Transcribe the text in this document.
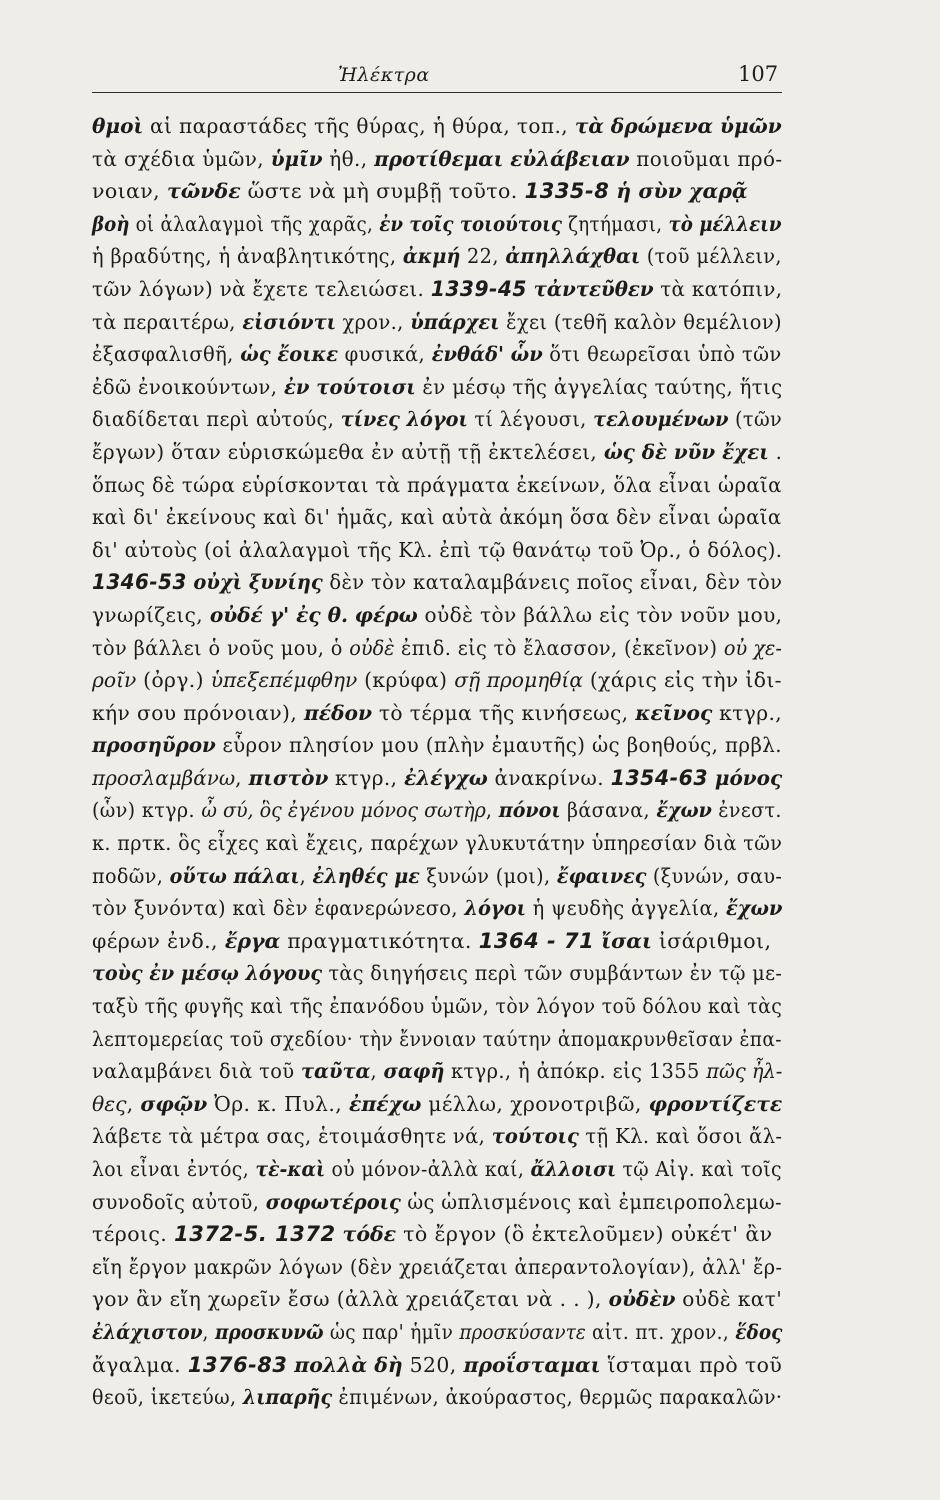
Ἠλέκτρα	107
θμοὶ αἱ παραστάδες τῆς θύρας, ἡ θύρα, τοπ., τὰ δρώμενα ὑμῶν
τὰ σχέδια ὑμῶν, ὑμῖν ἠθ., προτίθεμαι εὐλάβειαν ποιοῦμαι πρό-
νοιαν, τῶνδε ὥστε νὰ μὴ συμβῇ τοῦτο. 1335-8 ἡ σὺν χαρᾷ
βοὴ οἱ ἀλαλαγμοὶ τῆς χαρᾶς, ἐν τοῖς τοιούτοις ζητήμασι, τὸ μέλλειν
ἡ βραδύτης, ἡ ἀναβλητικότης, ἀκμή 22, ἀπηλλάχθαι (τοῦ μέλλειν,
τῶν λόγων) νὰ ἔχετε τελειώσει. 1339-45 τἀντεῦθεν τὰ κατόπιν,
τὰ περαιτέρω, εἰσιόντι χρον., ὑπάρχει ἔχει (τεθῆ καλὸν θεμέλιον)
ἐξασφαλισθῆ, ὡς ἔοικε φυσικά, ἐνθάδ' ὧν ὅτι θεωρεῖσαι ὑπὸ τῶν
ἐδῶ ἐνοικούντων, ἐν τούτοισι ἐν μέσῳ τῆς ἀγγελίας ταύτης, ἥτις
διαδίδεται περὶ αὐτούς, τίνες λόγοι τί λέγουσι, τελουμένων (τῶν
ἔργων) ὅταν εὑρισκώμεθα ἐν αὐτῇ τῇ ἐκτελέσει, ὡς δὲ νῦν ἔχει .
ὅπως δὲ τώρα εὑρίσκονται τὰ πράγματα ἐκείνων, ὅλα εἶναι ὡραῖα
καὶ δι' ἐκείνους καὶ δι' ἡμᾶς, καὶ αὐτὰ ἀκόμη ὅσα δὲν εἶναι ὡραῖα
δι' αὐτοὺς (οἱ ἀλαλαγμοὶ τῆς Κλ. ἐπὶ τῷ θανάτῳ τοῦ Ὀρ., ὁ δόλος).
1346-53 οὐχὶ ξυνίης δὲν τὸν καταλαμβάνεις ποῖος εἶναι, δὲν τὸν
γνωρίζεις, οὐδέ γ' ἐς θ. φέρω οὐδὲ τὸν βάλλω εἰς τὸν νοῦν μου,
τὸν βάλλει ὁ νοῦς μου, ὁ οὐδὲ ἐπιδ. εἰς τὸ ἔλασσον, (ἐκεῖνον) οὐ χε-
ροῖν (ὀργ.) ὑπεξεπέμφθην (κρύφα) σῇ προμηθίᾳ (χάρις εἰς τὴν ἰδι-
κήν σου πρόνοιαν), πέδον τὸ τέρμα τῆς κινήσεως, κεῖνος κτγρ.,
προσηῦρον εὗρον πλησίον μου (πλὴν ἐμαυτῆς) ὡς βοηθούς, πρβλ.
προσλαμβάνω, πιστὸν κτγρ., ἐλέγχω ἀνακρίνω. 1354-63 μόνος
(ὧν) κτγρ. ὦ σύ, ὃς ἐγένου μόνος σωτὴρ, πόνοι βάσανα, ἔχων ἐνεστ.
κ. πρτκ. ὃς εἶχες καὶ ἔχεις, παρέχων γλυκυτάτην ὑπηρεσίαν διὰ τῶν
ποδῶν, οὕτω πάλαι, ἐληθές με ξυνών (μοι), ἔφαινες (ξυνών, σαυ-
τὸν ξυνόντα) καὶ δὲν ἐφανερώνεσο, λόγοι ἡ ψευδὴς ἀγγελία, ἔχων
φέρων ἐνδ., ἔργα πραγματικότητα. 1364 - 71 ἴσαι ἰσάριθμοι,
τοὺς ἐν μέσῳ λόγους τὰς διηγήσεις περὶ τῶν συμβάντων ἐν τῷ με-
ταξὺ τῆς φυγῆς καὶ τῆς ἐπανόδου ὑμῶν, τὸν λόγον τοῦ δόλου καὶ τὰς
λεπτομερείας τοῦ σχεδίου· τὴν ἔννοιαν ταύτην ἀπομακρυνθεῖσαν ἐπα-
ναλαμβάνει διὰ τοῦ ταῦτα, σαφῆ κτγρ., ἡ ἀπόκρ. εἰς 1355 πῶς ἦλ-
θες, σφῷν Ὀρ. κ. Πυλ., ἐπέχω μέλλω, χρονοτριβῶ, φροντίζετε
λάβετε τὰ μέτρα σας, ἑτοιμάσθητε νά, τούτοις τῇ Κλ. καὶ ὅσοι ἄλ-
λοι εἶναι ἐντός, τὲ-καὶ οὐ μόνον-ἀλλὰ καί, ἄλλοισι τῷ Αἰγ. καὶ τοῖς
συνοδοῖς αὐτοῦ, σοφωτέροις ὡς ὡπλισμένοις καὶ ἐμπειροπολεμω-
τέροις. 1372-5. 1372 τόδε τὸ ἔργον (ὃ ἐκτελοῦμεν) οὐκέτ' ἂν
εἴη ἔργον μακρῶν λόγων (δὲν χρειάζεται ἀπεραντολογίαν), ἀλλ' ἔρ-
γον ἂν εἴη χωρεῖν ἔσω (ἀλλὰ χρειάζεται νὰ . . ), οὐδὲν οὐδὲ κατ'
ἐλάχιστον, προσκυνῶ ὡς παρ' ἡμῖν προσκύσαντε αἰτ. πτ. χρον., ἕδος
ἄγαλμα. 1376-83 πολλὰ δὴ 520, προΐσταμαι ἵσταμαι πρὸ τοῦ
θεοῦ, ἱκετεύω, λιπαρῆς ἐπιμένων, ἀκούραστος, θερμῶς παρακαλῶν·
